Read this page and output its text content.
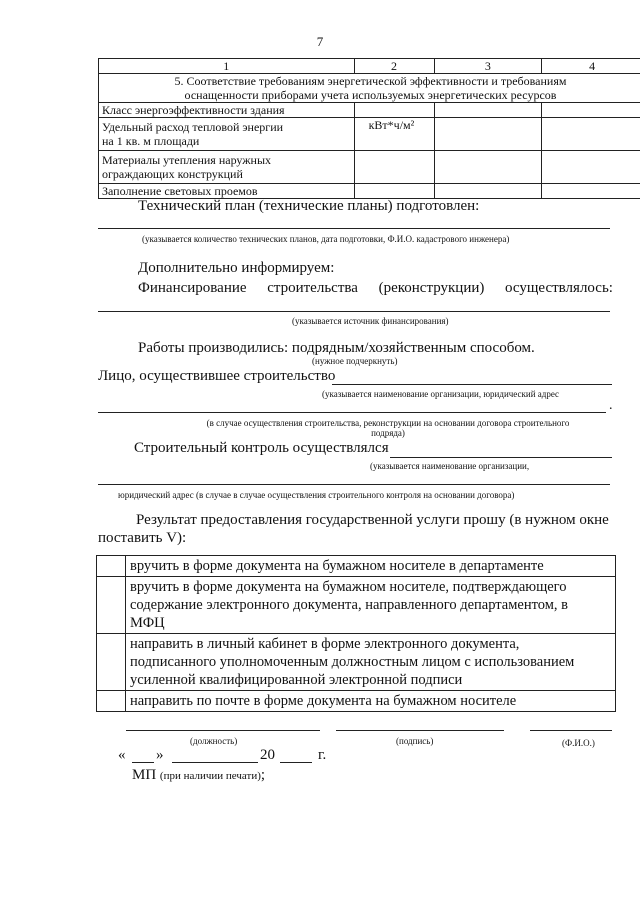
7
1	2	3	4

5. Соответствие требованиям энергетической эффективности и требованиям
оснащенности приборами учета используемых энергетических ресурсов			

Класс энергоэффективности здания			

Удельный расход тепловой энергии
на 1 кв. м площади	кВт*ч/м²		

Материалы утепления наружных
ограждающих конструкций			

Заполнение световых проемов			
Технический план (технические планы) подготовлен:
(указывается количество технических планов, дата подготовки, Ф.И.О. кадастрового инженера)
Дополнительно информируем:
Финансирование строительства (реконструкции) осуществлялось:
(указывается источник финансирования)
Работы производились: подрядным/хозяйственным способом.
(нужное подчеркнуть)
Лицо, осуществившее строительство
(указывается наименование организации, юридический адрес
.
(в случае осуществления строительства, реконструкции на основании договора строительного
подряда)
Строительный контроль осуществлялся
(указывается наименование организации,
юридический адрес (в случае в случае осуществления строительного контроля на основании договора)
Результат предоставления государственной услуги прошу (в нужном окне
поставить V):

	вручить в форме документа на бумажном носителе в департаменте

	вручить в форме документа на бумажном носителе, подтверждающего
содержание электронного документа, направленного департаментом, в
МФЦ

	направить в личный кабинет в форме электронного документа,
подписанного уполномоченным должностным лицом с использованием
усиленной квалифицированной электронной подписи

	направить по почте в форме документа на бумажном носителе
(должность)	(подпись)	(Ф.И.О.)
« »	20	г.
МП (при наличии печати);
